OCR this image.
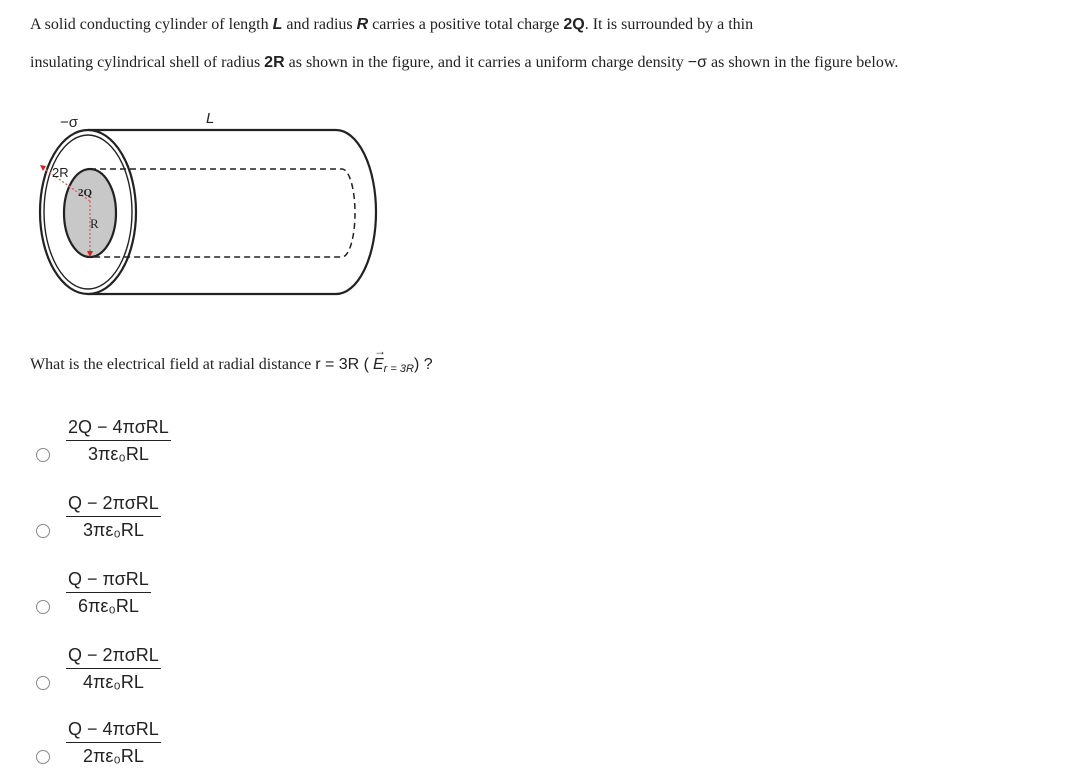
A solid conducting cylinder of length L and radius R carries a positive total charge 2Q. It is surrounded by a thin
insulating cylindrical shell of radius 2R as shown in the figure, and it carries a uniform charge density −σ as shown in the figure below.
−σ	L
2R
2Q
R
What is the electrical field at radial distance r = 3R ( → Er = 3R) ?
$\frac{\text{2Q − 4πσRL}}{\text{3πε₀RL}}$
$\frac{\text{Q − 2πσRL}}{\text{3πε₀RL}}$
$\frac{\text{Q − πσRL}}{\text{6πε₀RL}}$
$\frac{\text{Q − 2πσRL}}{\text{4πε₀RL}}$
$\frac{\text{Q − 4πσRL}}{\text{2πε₀RL}}$
